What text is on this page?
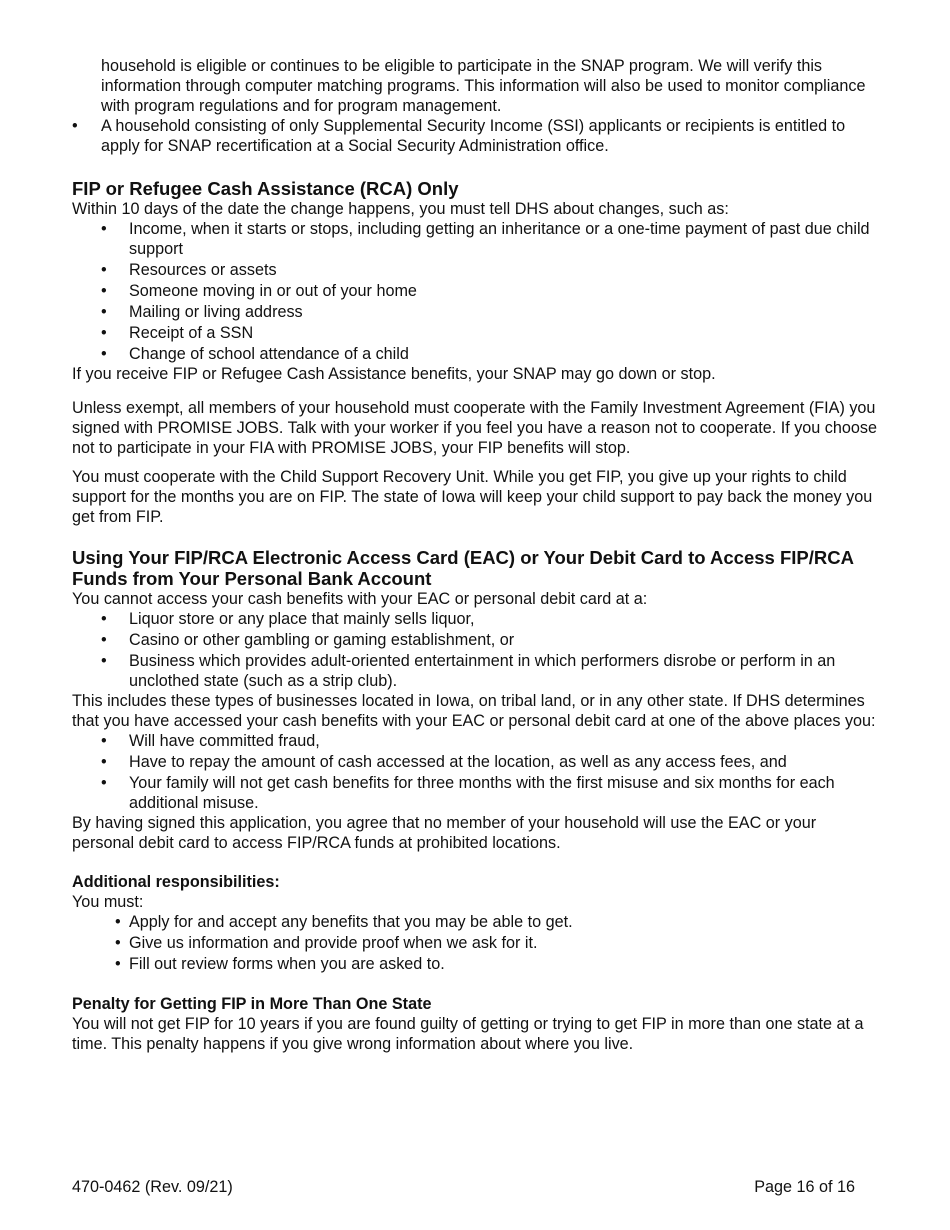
household is eligible or continues to be eligible to participate in the SNAP program. We will verify this information through computer matching programs. This information will also be used to monitor compliance with program regulations and for program management.

• A household consisting of only Supplemental Security Income (SSI) applicants or recipients is entitled to apply for SNAP recertification at a Social Security Administration office.
FIP or Refugee Cash Assistance (RCA) Only

Within 10 days of the date the change happens, you must tell DHS about changes, such as:

• Income, when it starts or stops, including getting an inheritance or a one-time payment of past due child support
• Resources or assets
• Someone moving in or out of your home
• Mailing or living address
• Receipt of a SSN
• Change of school attendance of a child

If you receive FIP or Refugee Cash Assistance benefits, your SNAP may go down or stop.

Unless exempt, all members of your household must cooperate with the Family Investment Agreement (FIA) you signed with PROMISE JOBS. Talk with your worker if you feel you have a reason not to cooperate. If you choose not to participate in your FIA with PROMISE JOBS, your FIP benefits will stop.

You must cooperate with the Child Support Recovery Unit. While you get FIP, you give up your rights to child support for the months you are on FIP. The state of Iowa will keep your child support to pay back the money you get from FIP.

Using Your FIP/RCA Electronic Access Card (EAC) or Your Debit Card to Access FIP/RCA Funds from Your Personal Bank Account

You cannot access your cash benefits with your EAC or personal debit card at a:

• Liquor store or any place that mainly sells liquor,
• Casino or other gambling or gaming establishment, or
• Business which provides adult-oriented entertainment in which performers disrobe or perform in an unclothed state (such as a strip club).

This includes these types of businesses located in Iowa, on tribal land, or in any other state. If DHS determines that you have accessed your cash benefits with your EAC or personal debit card at one of the above places you:

• Will have committed fraud,
• Have to repay the amount of cash accessed at the location, as well as any access fees, and
• Your family will not get cash benefits for three months with the first misuse and six months for each additional misuse.

By having signed this application, you agree that no member of your household will use the EAC or your personal debit card to access FIP/RCA funds at prohibited locations.

Additional responsibilities:

You must:

• Apply for and accept any benefits that you may be able to get.
• Give us information and provide proof when we ask for it.
• Fill out review forms when you are asked to.
Penalty for Getting FIP in More Than One State

You will not get FIP for 10 years if you are found guilty of getting or trying to get FIP in more than one state at a time. This penalty happens if you give wrong information about where you live.

470-0462 (Rev. 09/21)	Page 16 of 16
